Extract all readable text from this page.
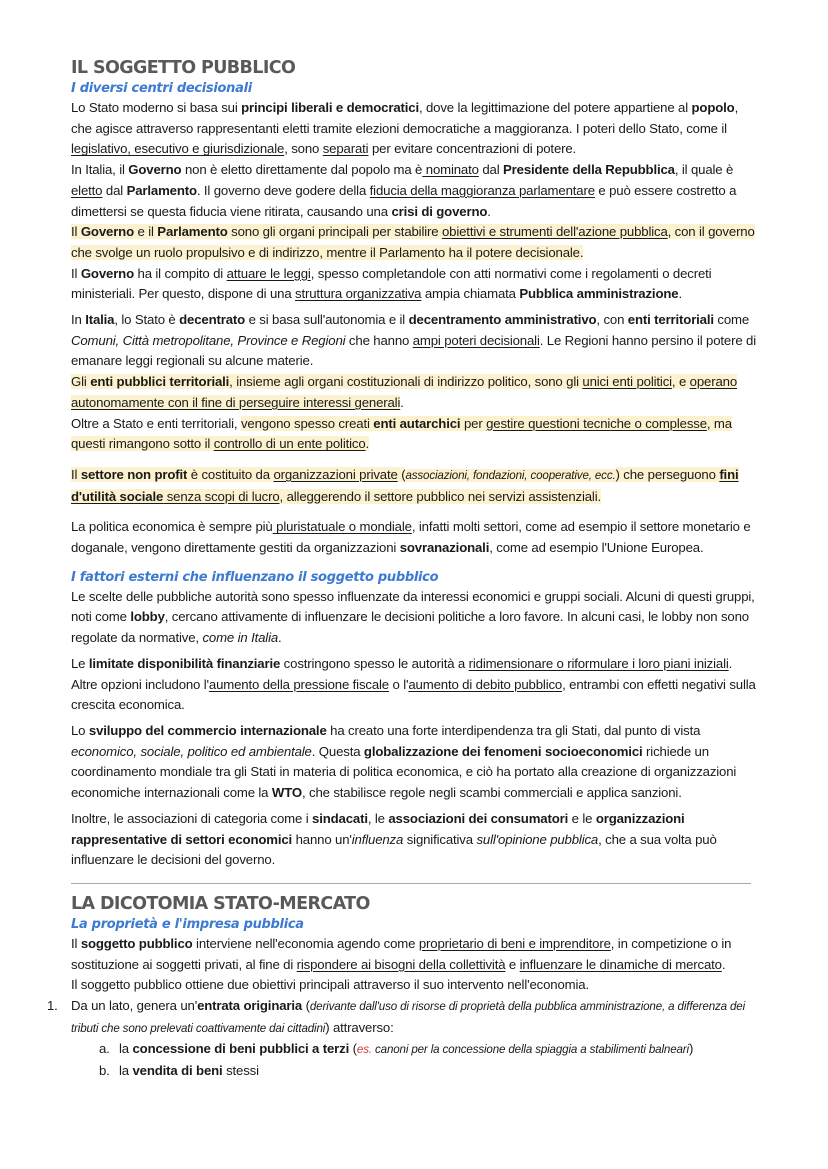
IL SOGGETTO PUBBLICO
I diversi centri decisionali

Lo Stato moderno si basa sui principi liberali e democratici, dove la legittimazione del potere appartiene al popolo, che agisce attraverso rappresentanti eletti tramite elezioni democratiche a maggioranza. I poteri dello Stato, come il legislativo, esecutivo e giurisdizionale, sono separati per evitare concentrazioni di potere.

In Italia, il Governo non è eletto direttamente dal popolo ma è nominato dal Presidente della Repubblica, il quale è eletto dal Parlamento. Il governo deve godere della fiducia della maggioranza parlamentare e può essere costretto a dimettersi se questa fiducia viene ritirata, causando una crisi di governo.

Il Governo e il Parlamento sono gli organi principali per stabilire obiettivi e strumenti dell'azione pubblica, con il governo che svolge un ruolo propulsivo e di indirizzo, mentre il Parlamento ha il potere decisionale.

Il Governo ha il compito di attuare le leggi, spesso completandole con atti normativi come i regolamenti o decreti ministeriali. Per questo, dispone di una struttura organizzativa ampia chiamata Pubblica amministrazione.

In Italia, lo Stato è decentrato e si basa sull'autonomia e il decentramento amministrativo, con enti territoriali come Comuni, Città metropolitane, Province e Regioni che hanno ampi poteri decisionali. Le Regioni hanno persino il potere di emanare leggi regionali su alcune materie.

Gli enti pubblici territoriali, insieme agli organi costituzionali di indirizzo politico, sono gli unici enti politici, e operano autonomamente con il fine di perseguire interessi generali.

Oltre a Stato e enti territoriali, vengono spesso creati enti autarchici per gestire questioni tecniche o complesse, ma questi rimangono sotto il controllo di un ente politico.

Il settore non profit è costituito da organizzazioni private (associazioni, fondazioni, cooperative, ecc.) che perseguono fini d'utilità sociale senza scopi di lucro, alleggerendo il settore pubblico nei servizi assistenziali.

La politica economica è sempre più pluristatuale o mondiale, infatti molti settori, come ad esempio il settore monetario e doganale, vengono direttamente gestiti da organizzazioni sovranazionali, come ad esempio l'Unione Europea.

I fattori esterni che influenzano il soggetto pubblico

Le scelte delle pubbliche autorità sono spesso influenzate da interessi economici e gruppi sociali. Alcuni di questi gruppi, noti come lobby, cercano attivamente di influenzare le decisioni politiche a loro favore. In alcuni casi, le lobby non sono regolate da normative, come in Italia.

Le limitate disponibilità finanziarie costringono spesso le autorità a ridimensionare o riformulare i loro piani iniziali. Altre opzioni includono l'aumento della pressione fiscale o l'aumento di debito pubblico, entrambi con effetti negativi sulla crescita economica.

Lo sviluppo del commercio internazionale ha creato una forte interdipendenza tra gli Stati, dal punto di vista economico, sociale, politico ed ambientale. Questa globalizzazione dei fenomeni socioeconomici richiede un coordinamento mondiale tra gli Stati in materia di politica economica, e ciò ha portato alla creazione di organizzazioni economiche internazionali come la WTO, che stabilisce regole negli scambi commerciali e applica sanzioni.

Inoltre, le associazioni di categoria come i sindacati, le associazioni dei consumatori e le organizzazioni rappresentative di settori economici hanno un'influenza significativa sull'opinione pubblica, che a sua volta può influenzare le decisioni del governo.

LA DICOTOMIA STATO-MERCATO
La proprietà e l'impresa pubblica

Il soggetto pubblico interviene nell'economia agendo come proprietario di beni e imprenditore, in competizione o in sostituzione ai soggetti privati, al fine di rispondere ai bisogni della collettività e influenzare le dinamiche di mercato.

Il soggetto pubblico ottiene due obiettivi principali attraverso il suo intervento nell'economia.

1. Da un lato, genera un'entrata originaria (derivante dall'uso di risorse di proprietà della pubblica amministrazione, a differenza dei tributi che sono prelevati coattivamente dai cittadini) attraverso:
a. la concessione di beni pubblici a terzi (es. canoni per la concessione della spiaggia a stabilimenti balneari)
b. la vendita di beni stessi
